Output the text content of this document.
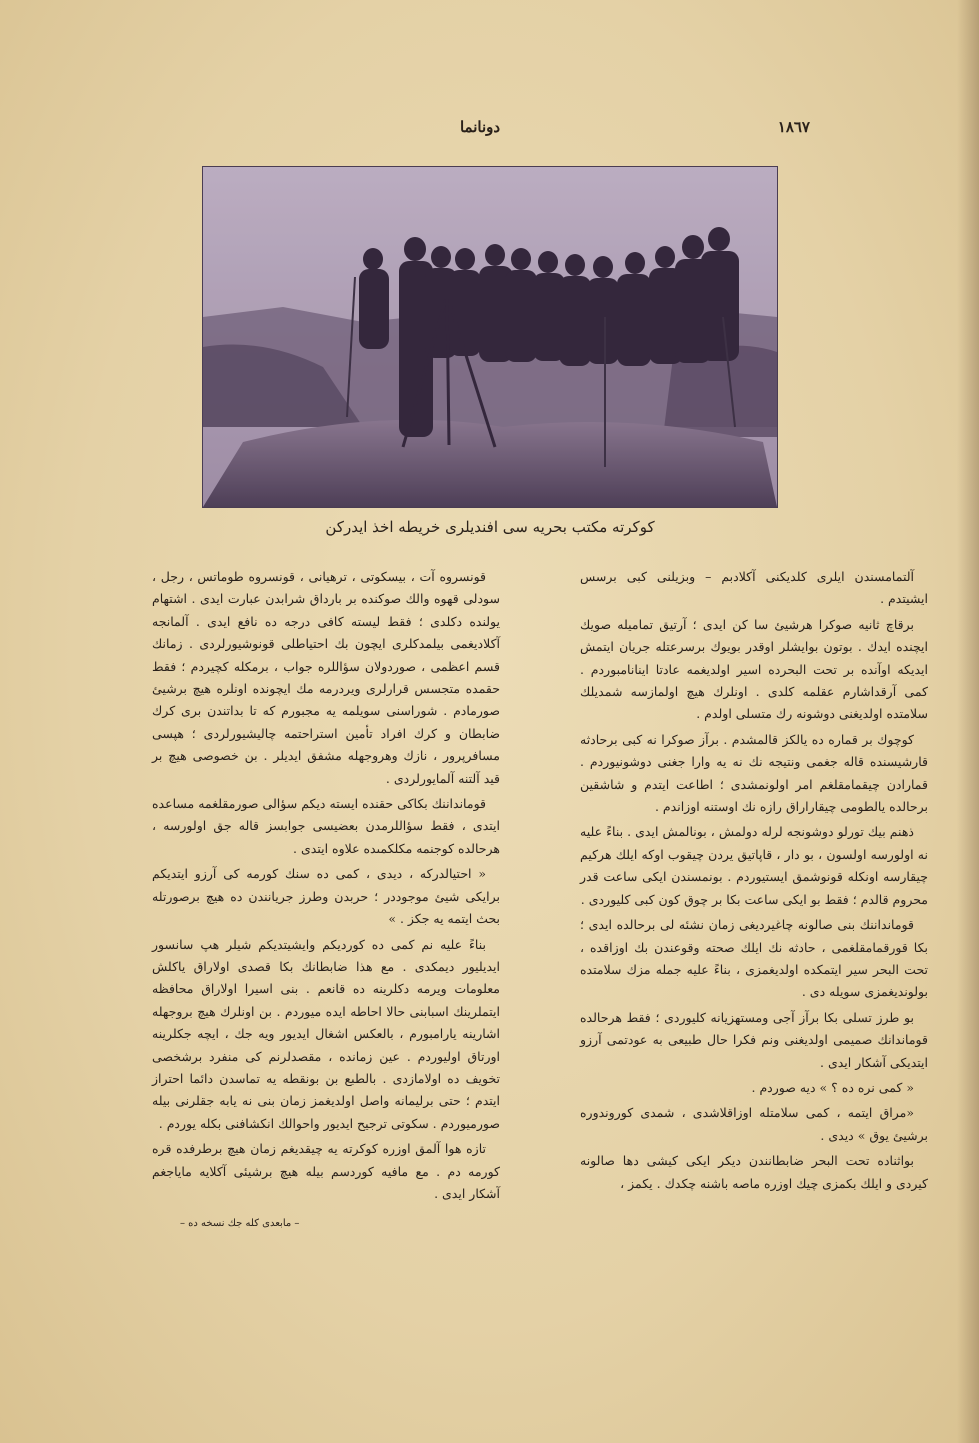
١٨٦٧
دونانما
كوكرته مكتب بحريه سى افنديلرى خريطه اخذ ايدركن

آلتمامسندن ايلرى كلديكنى آكلادبم – وبزيلنى كبى برسس ايشيتدم .

برقاچ ثانيه صوكرا هرشيئ سا كن ايدى ؛ آرتيق تماميله صويك ايچنده ايدك . بوتون بوايشلر اوقدر بويوك برسرعتله جريان ايتمش ايديكه اوآنده بر تحت البحرده اسير اولديغمه عادتا اينانامبوردم . كمى آرقداشارم عقلمه كلدى . اونلرك هيچ اولمازسه شمديلك سلامتده اولديغنى دوشونه رك متسلى اولدم .

كوچوك بر قماره ده يالكز قالمشدم . برآز صوكرا نه كبى برحادثه قارشيسنده قاله جغمى ونتيجه نك نه يه وارا جغنى دوشونيوردم . قمارادن چيقمامقلغم امر اولونمشدى ؛ اطاعت ايتدم و شاشقين برحالده يالطومى چيقاراراق رازه نك اوستنه اوزاندم .

ذهنم بيك تورلو دوشونجه لرله دولمش ، بونالمش ايدى . بناءً عليه نه اولورسه اولسون ، بو دار ، قاپاتيق يردن چيقوب اوكه ايلك هركيم چيقارسه اونكله قونوشمق ايستيوردم . بونمسندن ايكى ساعت قدر محروم قالدم ؛ فقط بو ايكى ساعت بكا بر چوق كون كبى كليوردى .

قومانداننك بنى صالونه چاغيرديغى زمان نشئه لى برحالده ايدى ؛ بكا قورقمامقلغمى ، حادثه نك ايلك صحته وقوعندن بك اوزاقده ، تحت البحر سير ايتمكده اولديغمزى ، بناءً عليه جمله مزك سلامتده بولونديغمزى سويله دى .

بو طرز تسلى بكا برآز آجى ومستهزيانه كليوردى ؛ فقط هرحالده قوماندانك صميمى اولديغنى ونم فكرا حال طبيعى به عودتمى آرزو ايتديكى آشكار ايدى .

« كمى نره ده ؟ » ديه صوردم .

«مراق ايتمه ، كمى سلامتله اوزاقلاشدى ، شمدى كوروندوره برشيئ يوق » ديدى .

بواثناده تحت البحر ضابطانندن ديكر ايكى كيشى دها صالونه كيردى و ايلك بكمزى چيك اوزره ماصه باشنه چكدك . يكمز ،

قونسروه آت ، بيسكوتى ، ترهيانى ، قونسروه طوماتس ، رجل ، سودلى قهوه والك صوكنده بر بارداق شرابدن عبارت ايدى . اشتهام يولنده دكلدى ؛ فقط ليسته كافى درجه ده نافع ايدى . آلمانجه آكلاديغمى بيلمدكلرى ايچون بك احتياطلى قونوشيورلردى . زمانك قسم اعظمى ، صوردولان سؤاللره جواب ، برمكله كچيردم ؛ فقط حقمده متجسس قرارلرى ويردرمه مك ايچونده اونلره هيچ برشيئ صورمادم . شوراسنى سويلمه يه مجبورم كه تا بداتندن برى كرك ضابطان و كرك افراد تأمين استراحتمه چاليشيورلردى ؛ هپسى مسافرپرور ، نازك وهروجهله مشفق ايديلر . بن خصوصى هيچ بر قيد آلتنه آلمايورلردى .

قومانداننك بكاكى حقنده ايسته ديكم سؤالى صورمقلغمه مساعده ايتدى ، فقط سؤاللرمدن بعضيسى جوابسز قاله جق اولورسه ، هرحالده كوجنمه مكلكمىده علاوه ايتدى .

« احتيالدركه ، ديدى ، كمى ده سنك كورمه كى آرزو ايتديكم برايكى شيئ موجوددر ؛ حربدن وطرز جريانندن ده هيچ برصورتله بحث ايتمه يه جكز . »

بناءً عليه نم كمى ده كورديكم وايشيتديكم شيلر هپ سانسور ايديليور ديمكدى . مع هذا ضابطانك بكا قصدى اولاراق ياكلش معلومات ويرمه دكلرينه ده قانعم . بنى اسيرا اولاراق محافظه ايتملرينك اسبابنى حالا احاطه ايده ميوردم . بن اونلرك هيچ بروجهله اشارينه يارامبورم ، بالعكس اشغال ايديور ويه جك ، ايچه جكلرينه اورتاق اوليوردم . عين زمانده ، مقصدلرنم كى منفرد برشخصى تخويف ده اولامازدى . بالطبع بن بونقطه يه تماسدن دائما احتراز ايتدم ؛ حتى برليمانه واصل اولديغمز زمان بنى نه يابه جقلرنى بيله صورميوردم . سكوتى ترجيح ايديور واحوالك انكشافنى بكله يوردم .

تازه هوا آلمق اوزره كوكرته يه چيقديغم زمان هيچ برطرفده قره كورمه دم . مع مافيه كوردسم بيله هيچ برشيئى آكلايه ماياجغم آشكار ايدى .

– مابعدى كله جك نسخه ده –
